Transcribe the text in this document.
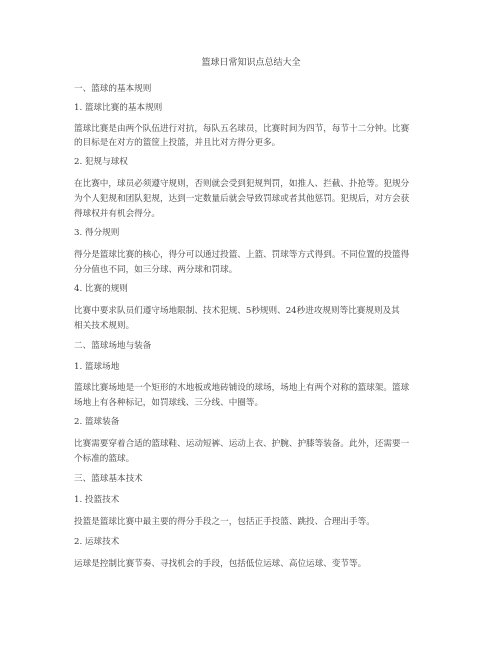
篮球日常知识点总结大全
一、篮球的基本规则
1. 篮球比赛的基本规则
篮球比赛是由两个队伍进行对抗，每队五名球员，比赛时间为四节，每节十二分钟。比赛
的目标是在对方的篮筐上投篮，并且比对方得分更多。
2. 犯规与球权
在比赛中，球员必须遵守规则，否则就会受到犯规判罚，如推人、拦截、扑抢等。犯规分
为个人犯规和团队犯规，达到一定数量后就会导致罚球或者其他惩罚。犯规后，对方会获
得球权并有机会得分。
3. 得分规则
得分是篮球比赛的核心，得分可以通过投篮、上篮、罚球等方式得到。不同位置的投篮得
分分值也不同，如三分球、两分球和罚球。
4. 比赛的规则
比赛中要求队员们遵守场地限制、技术犯规、5秒规则、24秒进攻规则等比赛规则及其
相关技术规则。
二、篮球场地与装备
1. 篮球场地
篮球比赛场地是一个矩形的木地板或地砖铺设的球场，场地上有两个对称的篮球架。篮球
场地上有各种标记，如罚球线、三分线、中圈等。
2. 篮球装备
比赛需要穿着合适的篮球鞋、运动短裤、运动上衣、护腕、护膝等装备。此外，还需要一
个标准的篮球。
三、篮球基本技术
1. 投篮技术
投篮是篮球比赛中最主要的得分手段之一，包括正手投篮、跳投、合理出手等。
2. 运球技术
运球是控制比赛节奏、寻找机会的手段，包括低位运球、高位运球、变节等。
